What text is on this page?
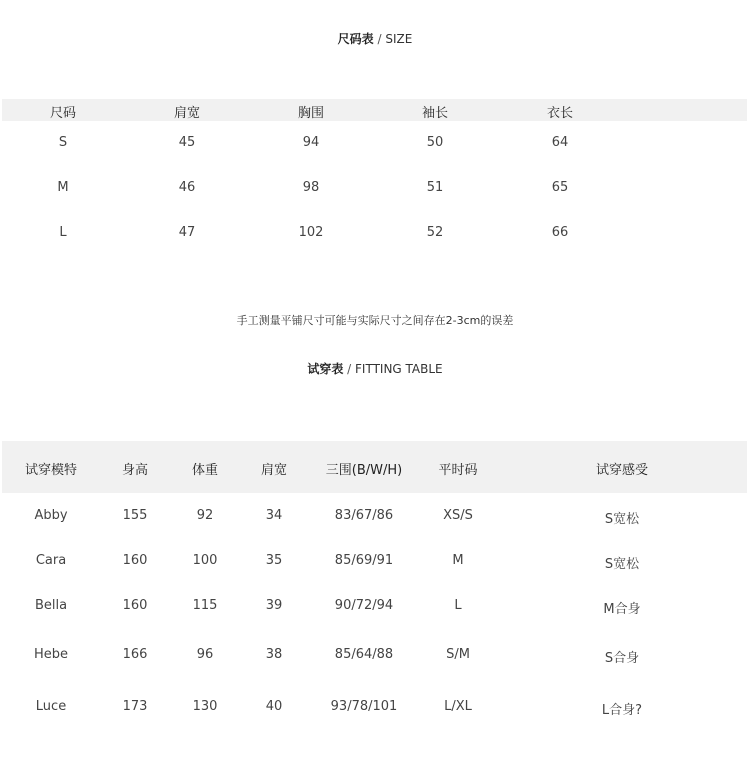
尺码表 / SIZE
尺码	肩宽	胸围	袖长	衣长
S	45	94	50	64
M	46	98	51	65
L	47	102	52	66
手工测量平铺尺寸可能与实际尺寸之间存在2-3cm的误差
试穿表 / FITTING TABLE
试穿模特	身高	体重	肩宽	三围(B/W/H)	平时码	试穿感受
Abby	155	92	34	83/67/86	XS/S	S宽松
Cara	160	100	35	85/69/91	M	S宽松
Bella	160	115	39	90/72/94	L	M合身
Hebe	166	96	38	85/64/88	S/M	S合身
Luce	173	130	40	93/78/101	L/XL	L合身?
